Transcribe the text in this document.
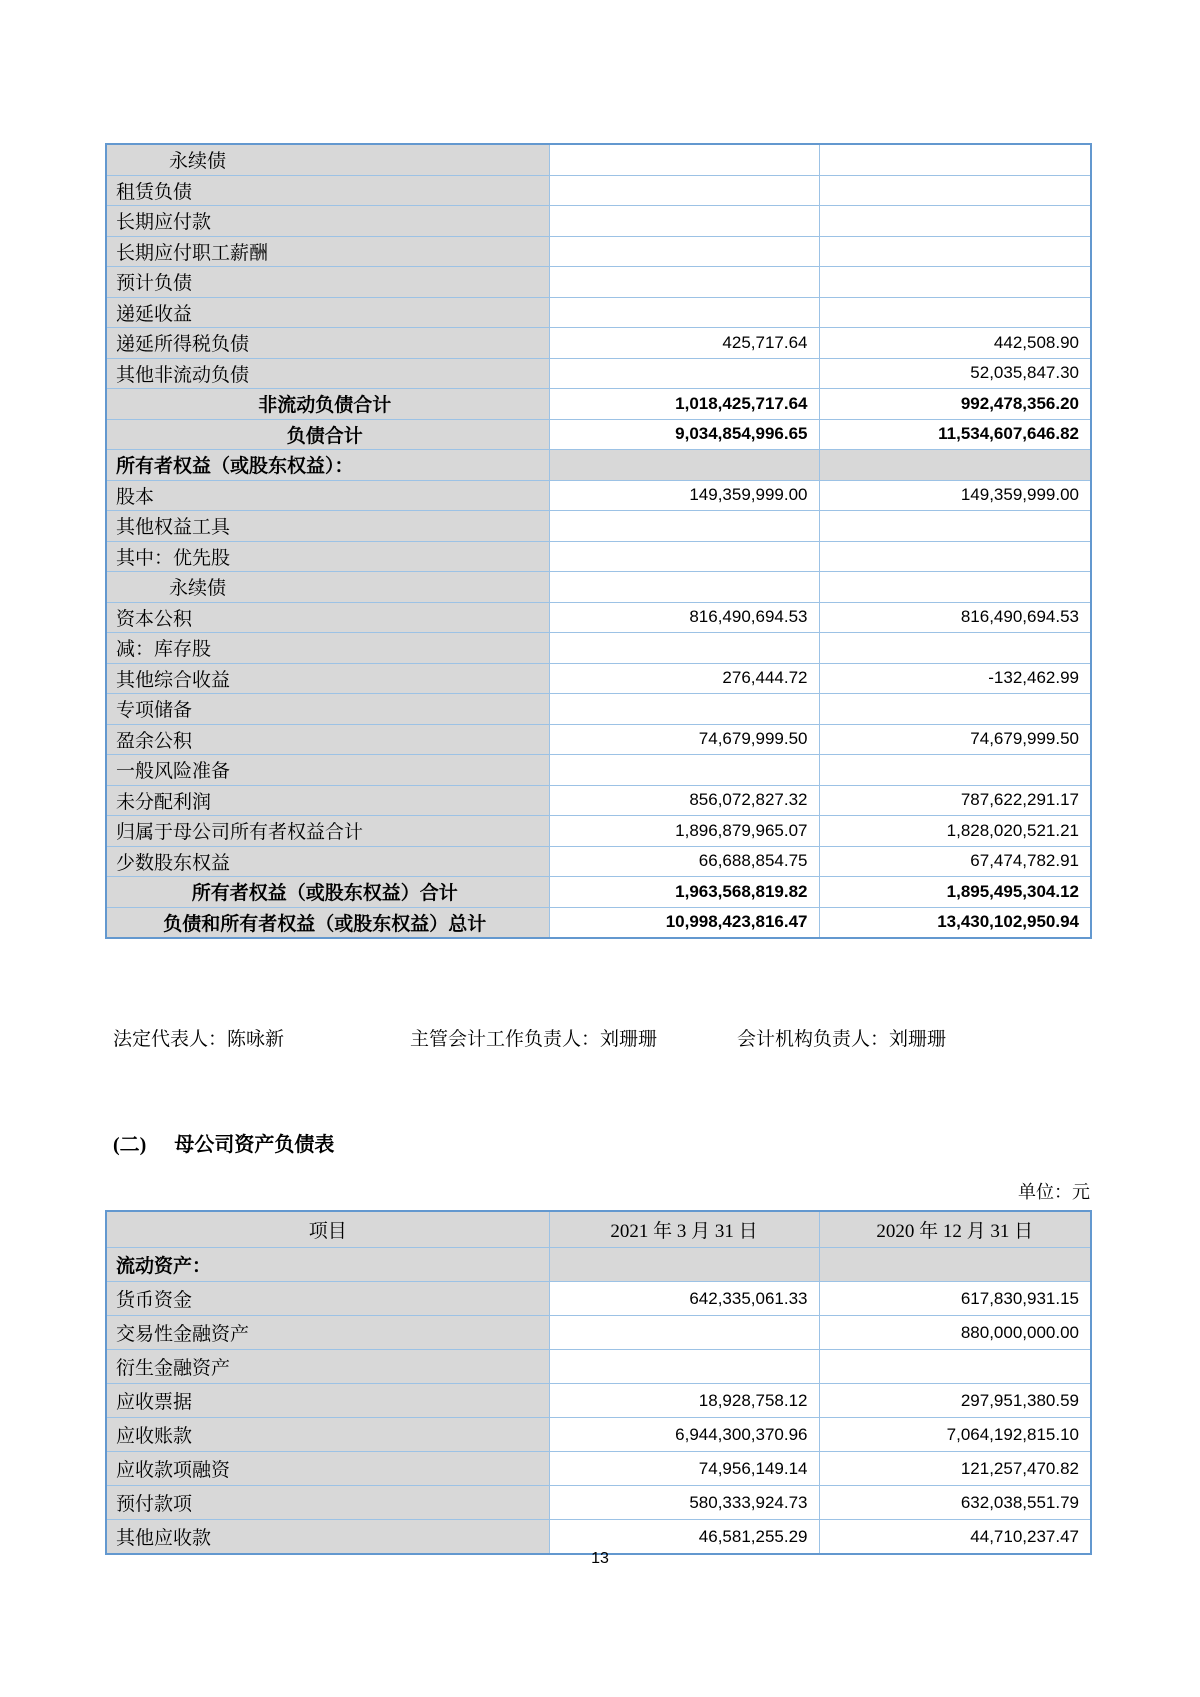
永续债		
租赁负债		
长期应付款		
长期应付职工薪酬		
预计负债		
递延收益		
递延所得税负债	425,717.64	442,508.90
其他非流动负债		52,035,847.30
非流动负债合计	1,018,425,717.64	992,478,356.20
负债合计	9,034,854,996.65	11,534,607,646.82
所有者权益（或股东权益）：		
股本	149,359,999.00	149,359,999.00
其他权益工具		
其中：优先股		
永续债		
资本公积	816,490,694.53	816,490,694.53
减：库存股		
其他综合收益	276,444.72	-132,462.99
专项储备		
盈余公积	74,679,999.50	74,679,999.50
一般风险准备		
未分配利润	856,072,827.32	787,622,291.17
归属于母公司所有者权益合计	1,896,879,965.07	1,828,020,521.21
少数股东权益	66,688,854.75	67,474,782.91
所有者权益（或股东权益）合计	1,963,568,819.82	1,895,495,304.12
负债和所有者权益（或股东权益）总计	10,998,423,816.47	13,430,102,950.94
法定代表人：陈咏新	主管会计工作负责人：刘珊珊	会计机构负责人：刘珊珊
(二) 母公司资产负债表
单位：元
项目	2021 年 3 月 31 日	2020 年 12 月 31 日
流动资产：		
货币资金	642,335,061.33	617,830,931.15
交易性金融资产		880,000,000.00
衍生金融资产		
应收票据	18,928,758.12	297,951,380.59
应收账款	6,944,300,370.96	7,064,192,815.10
应收款项融资	74,956,149.14	121,257,470.82
预付款项	580,333,924.73	632,038,551.79
其他应收款	46,581,255.29	44,710,237.47
13
